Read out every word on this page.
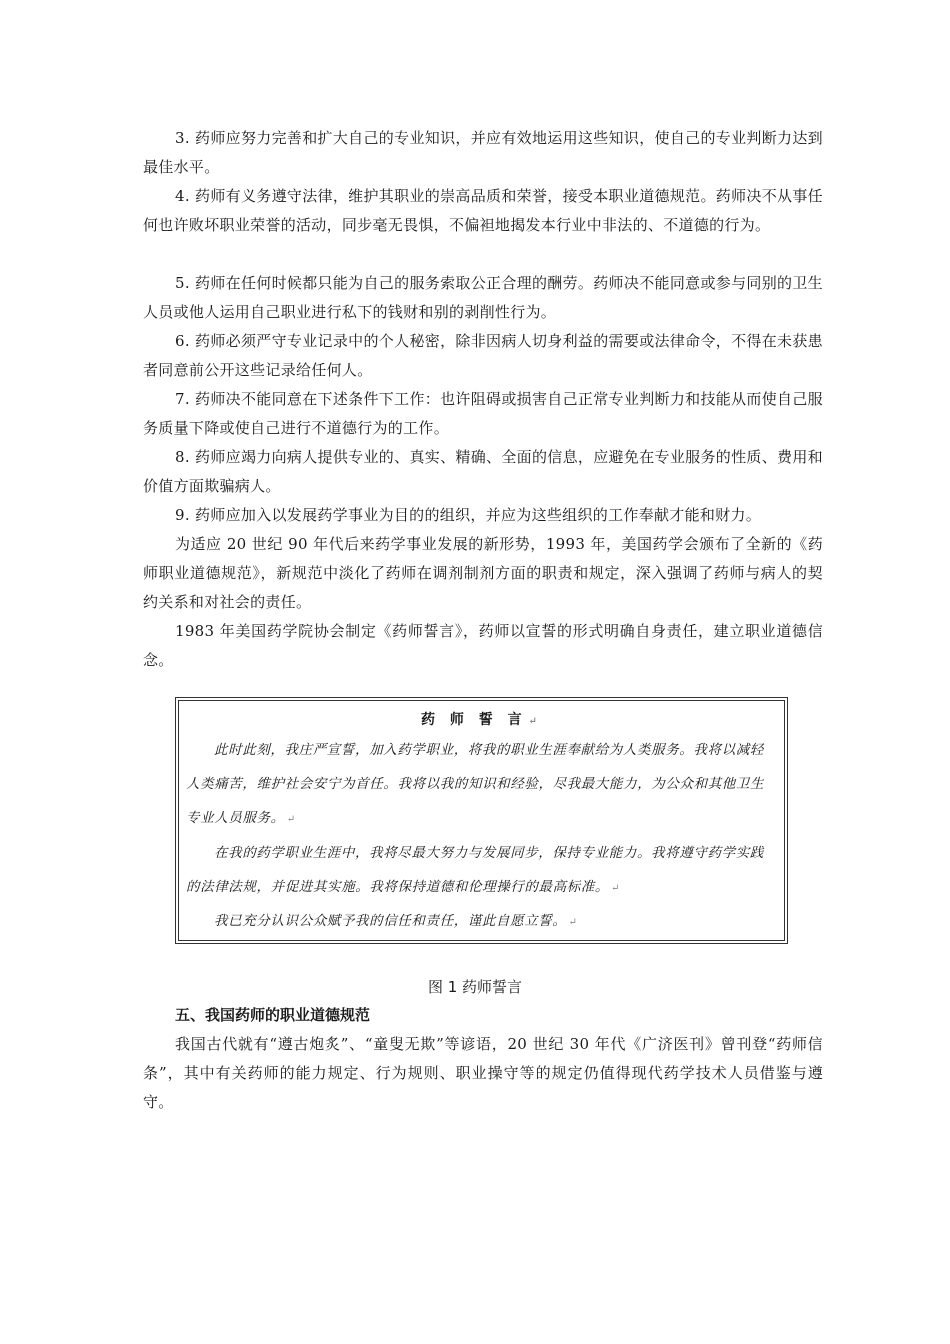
3. 药师应努力完善和扩大自己的专业知识，并应有效地运用这些知识，使自己的专业判断力达到最佳水平。

4. 药师有义务遵守法律，维护其职业的崇高品质和荣誉，接受本职业道德规范。药师决不从事任何也许败坏职业荣誉的活动，同步毫无畏惧，不偏袒地揭发本行业中非法的、不道德的行为。

5. 药师在任何时候都只能为自己的服务索取公正合理的酬劳。药师决不能同意或参与同别的卫生人员或他人运用自己职业进行私下的钱财和别的剥削性行为。

6. 药师必须严守专业记录中的个人秘密，除非因病人切身利益的需要或法律命令，不得在未获患者同意前公开这些记录给任何人。

7. 药师决不能同意在下述条件下工作：也许阻碍或损害自己正常专业判断力和技能从而使自己服务质量下降或使自己进行不道德行为的工作。

8. 药师应竭力向病人提供专业的、真实、精确、全面的信息，应避免在专业服务的性质、费用和价值方面欺骗病人。

9. 药师应加入以发展药学事业为目的的组织，并应为这些组织的工作奉献才能和财力。

为适应 20 世纪 90 年代后来药学事业发展的新形势，1993 年，美国药学会颁布了全新的《药师职业道德规范》，新规范中淡化了药师在调剂制剂方面的职责和规定，深入强调了药师与病人的契约关系和对社会的责任。

1983 年美国药学院协会制定《药师誓言》，药师以宣誓的形式明确自身责任，建立职业道德信念。

药 师 誓 言 ↵

此时此刻，我庄严宣誓，加入药学职业，将我的职业生涯奉献给为人类服务。我将以减轻人类痛苦，维护社会安宁为首任。我将以我的知识和经验，尽我最大能力，为公众和其他卫生专业人员服务。 ↵

在我的药学职业生涯中，我将尽最大努力与发展同步，保持专业能力。我将遵守药学实践的法律法规，并促进其实施。我将保持道德和伦理操行的最高标准。 ↵

我已充分认识公众赋予我的信任和责任，谨此自愿立誓。 ↵

图 1 药师誓言
五、我国药师的职业道德规范

我国古代就有“遵古炮炙”、“童叟无欺”等谚语，20 世纪 30 年代《广济医刊》曾刊登“药师信条”，其中有关药师的能力规定、行为规则、职业操守等的规定仍值得现代药学技术人员借鉴与遵守。
